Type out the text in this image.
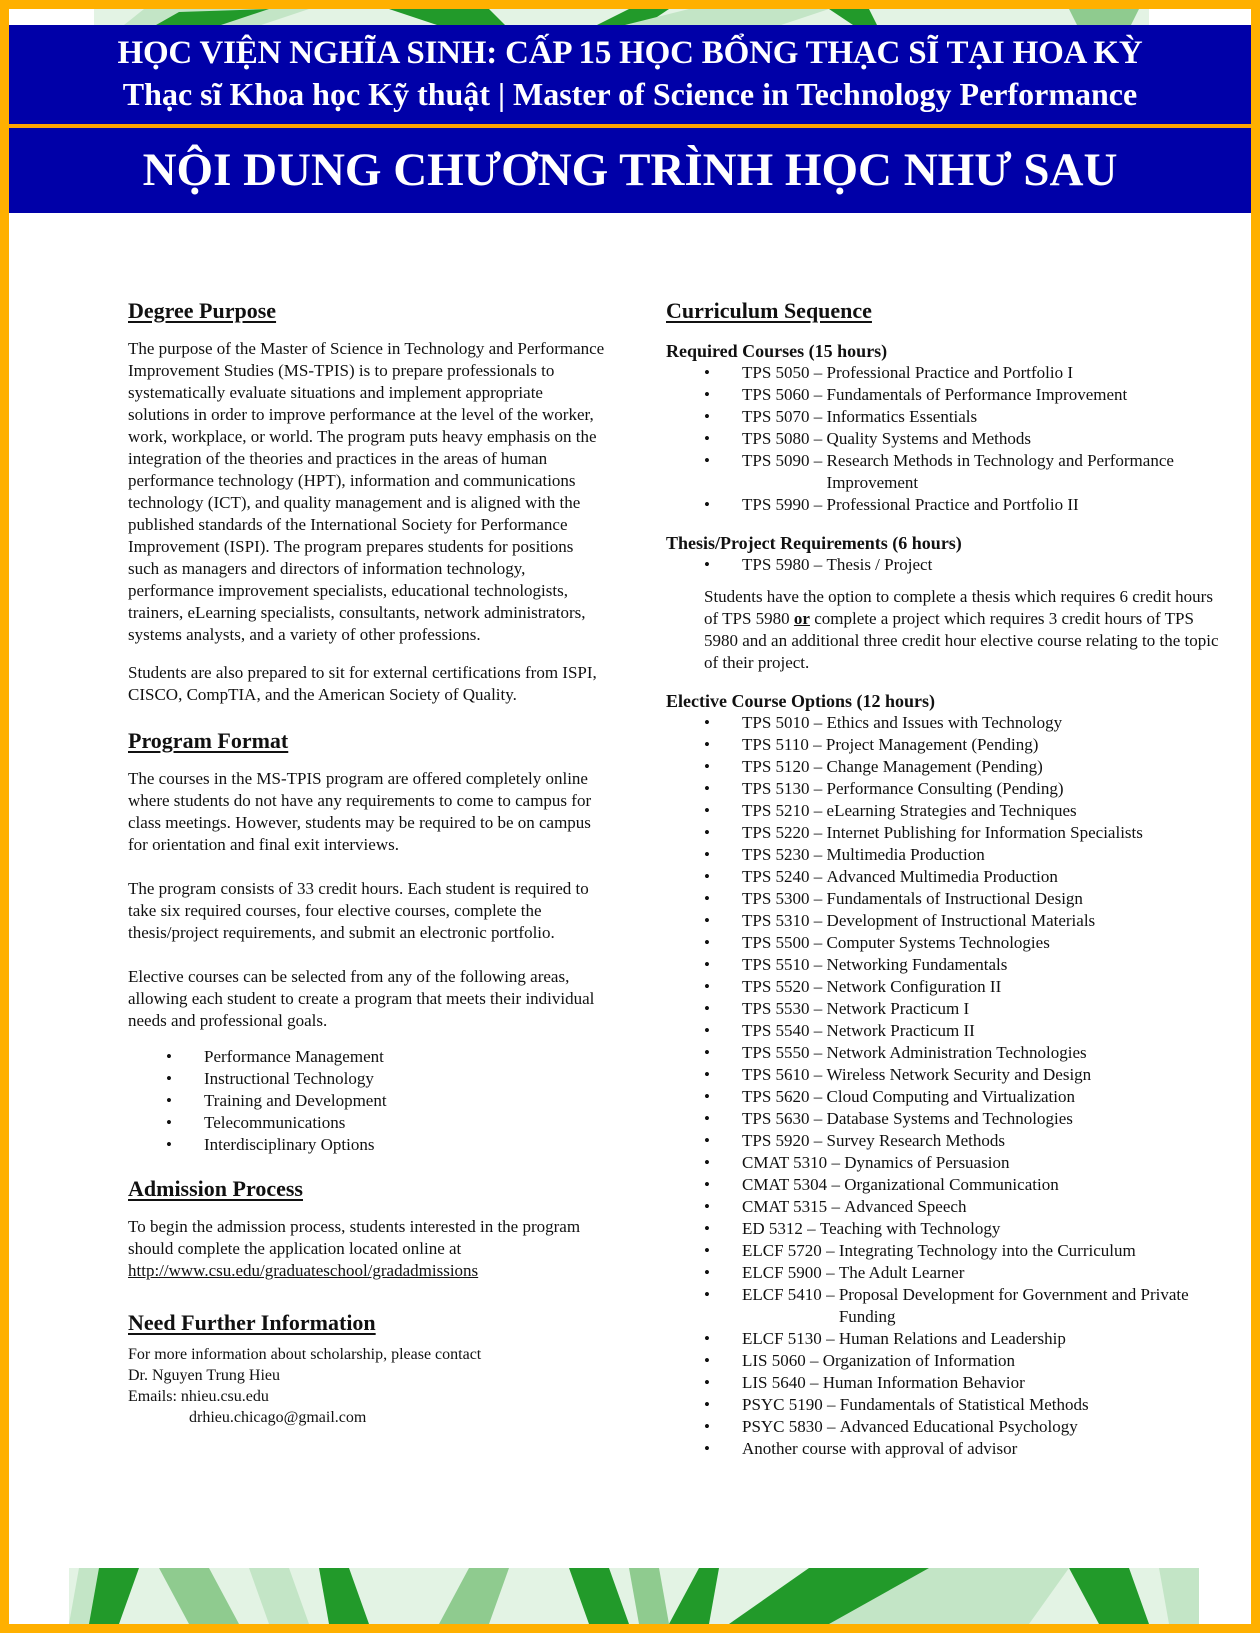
HỌC VIỆN NGHĨA SINH: CẤP 15 HỌC BỔNG THẠC SĨ TẠI HOA KỲ
Thạc sĩ Khoa học Kỹ thuật | Master of Science in Technology Performance
NỘI DUNG CHƯƠNG TRÌNH HỌC NHƯ SAU
Degree Purpose

The purpose of the Master of Science in Technology and Performance Improvement Studies (MS-TPIS) is to prepare professionals to systematically evaluate situations and implement appropriate solutions in order to improve performance at the level of the worker, work, workplace, or world. The program puts heavy emphasis on the integration of the theories and practices in the areas of human performance technology (HPT), information and communications technology (ICT), and quality management and is aligned with the published standards of the International Society for Performance Improvement (ISPI). The program prepares students for positions such as managers and directors of information technology, performance improvement specialists, educational technologists, trainers, eLearning specialists, consultants, network administrators, systems analysts, and a variety of other professions.

Students are also prepared to sit for external certifications from ISPI, CISCO, CompTIA, and the American Society of Quality.

Program Format

The courses in the MS-TPIS program are offered completely online where students do not have any requirements to come to campus for class meetings. However, students may be required to be on campus for orientation and final exit interviews.

The program consists of 33 credit hours. Each student is required to take six required courses, four elective courses, complete the thesis/project requirements, and submit an electronic portfolio.

Elective courses can be selected from any of the following areas, allowing each student to create a program that meets their individual needs and professional goals.

• Performance Management
• Instructional Technology
• Training and Development
• Telecommunications
• Interdisciplinary Options
Admission Process

To begin the admission process, students interested in the program should complete the application located online at
http://www.csu.edu/graduateschool/gradadmissions

Need Further Information
For more information about scholarship, please contact
Dr. Nguyen Trung Hieu
Emails: nhieu.csu.edu
drhieu.chicago@gmail.com
Curriculum Sequence
Required Courses (15 hours)
• TPS 5050 – Professional Practice and Portfolio I
• TPS 5060 – Fundamentals of Performance Improvement
• TPS 5070 – Informatics Essentials
• TPS 5080 – Quality Systems and Methods
• TPS 5090 – Research Methods in Technology and Performance Improvement
• TPS 5990 – Professional Practice and Portfolio II
Thesis/Project Requirements (6 hours)
• TPS 5980 – Thesis / Project

Students have the option to complete a thesis which requires 6 credit hours of TPS 5980 or complete a project which requires 3 credit hours of TPS 5980 and an additional three credit hour elective course relating to the topic of their project.

Elective Course Options (12 hours)
• TPS 5010 – Ethics and Issues with Technology
• TPS 5110 – Project Management (Pending)
• TPS 5120 – Change Management (Pending)
• TPS 5130 – Performance Consulting (Pending)
• TPS 5210 – eLearning Strategies and Techniques
• TPS 5220 – Internet Publishing for Information Specialists
• TPS 5230 – Multimedia Production
• TPS 5240 – Advanced Multimedia Production
• TPS 5300 – Fundamentals of Instructional Design
• TPS 5310 – Development of Instructional Materials
• TPS 5500 – Computer Systems Technologies
• TPS 5510 – Networking Fundamentals
• TPS 5520 – Network Configuration II
• TPS 5530 – Network Practicum I
• TPS 5540 – Network Practicum II
• TPS 5550 – Network Administration Technologies
• TPS 5610 – Wireless Network Security and Design
• TPS 5620 – Cloud Computing and Virtualization
• TPS 5630 – Database Systems and Technologies
• TPS 5920 – Survey Research Methods
• CMAT 5310 – Dynamics of Persuasion
• CMAT 5304 – Organizational Communication
• CMAT 5315 – Advanced Speech
• ED 5312 – Teaching with Technology
• ELCF 5720 – Integrating Technology into the Curriculum
• ELCF 5900 – The Adult Learner
• ELCF 5410 – Proposal Development for Government and Private Funding
• ELCF 5130 – Human Relations and Leadership
• LIS 5060 – Organization of Information
• LIS 5640 – Human Information Behavior
• PSYC 5190 – Fundamentals of Statistical Methods
• PSYC 5830 – Advanced Educational Psychology
• Another course with approval of advisor
